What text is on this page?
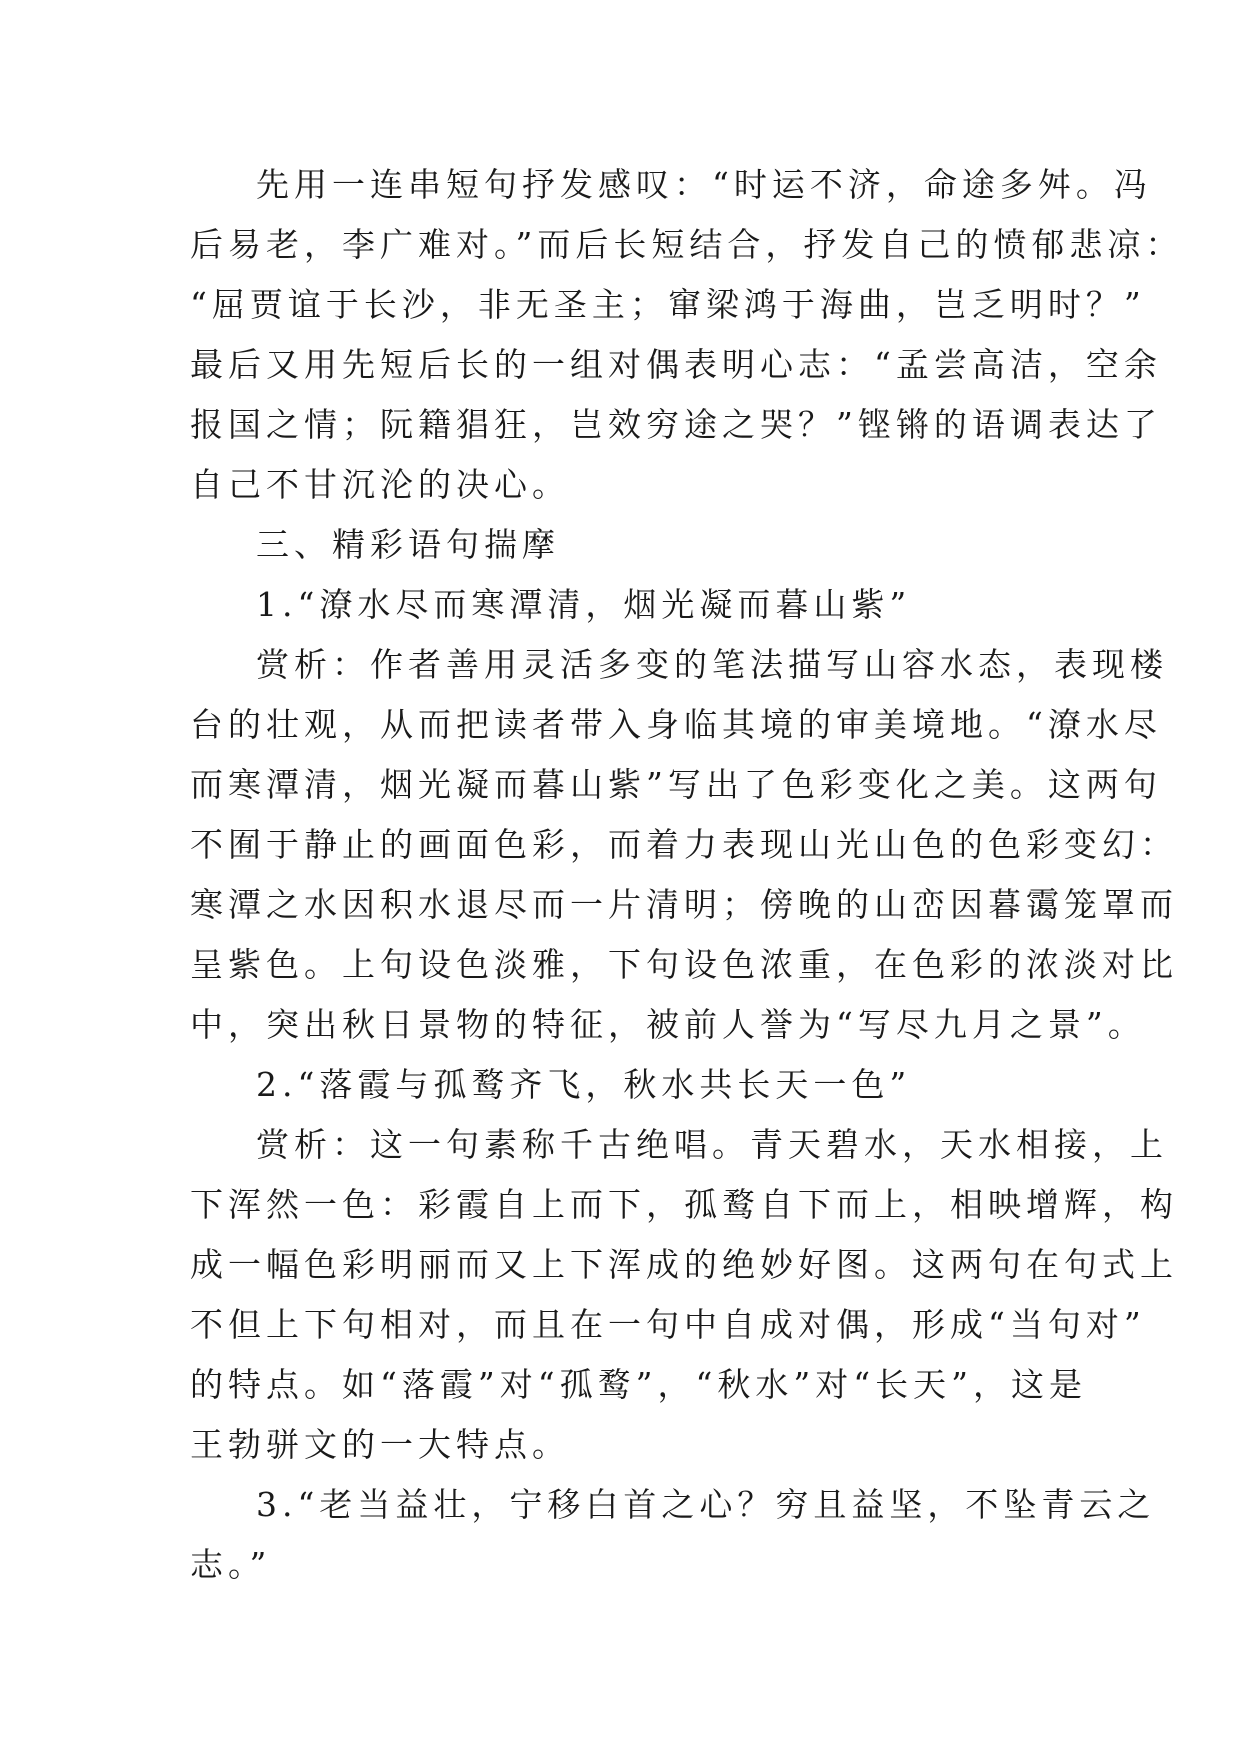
先用一连串短句抒发感叹：“时运不济，命途多舛。冯
后易老，李广难对。”而后长短结合，抒发自己的愤郁悲凉：
“屈贾谊于长沙，非无圣主；窜梁鸿于海曲，岂乏明时？”
最后又用先短后长的一组对偶表明心志：“孟尝高洁，空余
报国之情；阮籍猖狂，岂效穷途之哭？”铿锵的语调表达了
自己不甘沉沦的决心。
三、精彩语句揣摩
1.“潦水尽而寒潭清，烟光凝而暮山紫”
赏析：作者善用灵活多变的笔法描写山容水态，表现楼
台的壮观，从而把读者带入身临其境的审美境地。“潦水尽
而寒潭清，烟光凝而暮山紫”写出了色彩变化之美。这两句
不囿于静止的画面色彩，而着力表现山光山色的色彩变幻：
寒潭之水因积水退尽而一片清明；傍晚的山峦因暮霭笼罩而
呈紫色。上句设色淡雅，下句设色浓重，在色彩的浓淡对比
中，突出秋日景物的特征，被前人誉为“写尽九月之景”。
2.“落霞与孤鹜齐飞，秋水共长天一色”
赏析：这一句素称千古绝唱。青天碧水，天水相接，上
下浑然一色：彩霞自上而下，孤鹜自下而上，相映增辉，构
成一幅色彩明丽而又上下浑成的绝妙好图。这两句在句式上
不但上下句相对，而且在一句中自成对偶，形成“当句对”
的特点。如“落霞”对“孤鹜”，“秋水”对“长天”，这是
王勃骈文的一大特点。
3.“老当益壮，宁移白首之心？穷且益坚，不坠青云之
志。”
